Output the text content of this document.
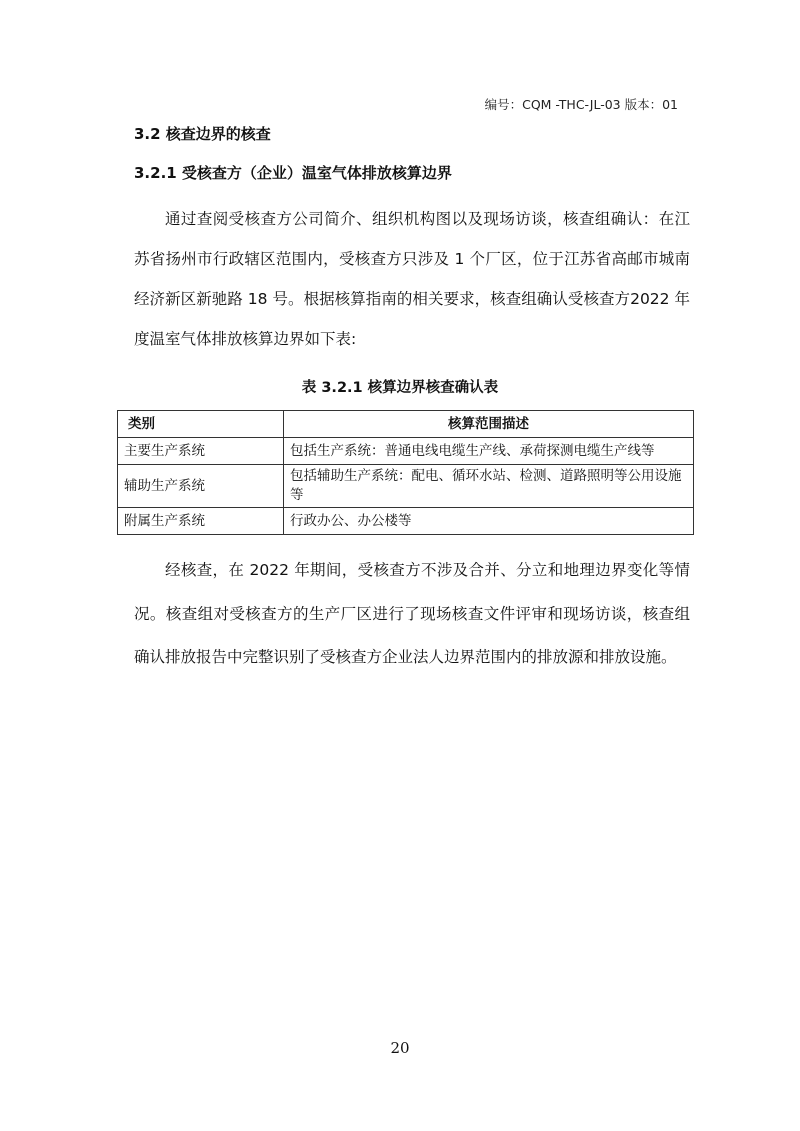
编号：CQM -THC-JL-03 版本：01
3.2 核查边界的核查
3.2.1 受核查方（企业）温室气体排放核算边界

通过查阅受核查方公司简介、组织机构图以及现场访谈，核查组确认：在江苏省扬州市行政辖区范围内，受核查方只涉及 1 个厂区，位于江苏省高邮市城南经济新区新驰路 18 号。根据核算指南的相关要求，核查组确认受核查方2022 年度温室气体排放核算边界如下表:

表 3.2.1 核算边界核查确认表
类别	核算范围描述
主要生产系统	包括生产系统：普通电线电缆生产线、承荷探测电缆生产线等
辅助生产系统	包括辅助生产系统：配电、循环水站、检测、道路照明等公用设施等
附属生产系统	行政办公、办公楼等

经核查，在 2022 年期间，受核查方不涉及合并、分立和地理边界变化等情况。核查组对受核查方的生产厂区进行了现场核查文件评审和现场访谈，核查组确认排放报告中完整识别了受核查方企业法人边界范围内的排放源和排放设施。

20
